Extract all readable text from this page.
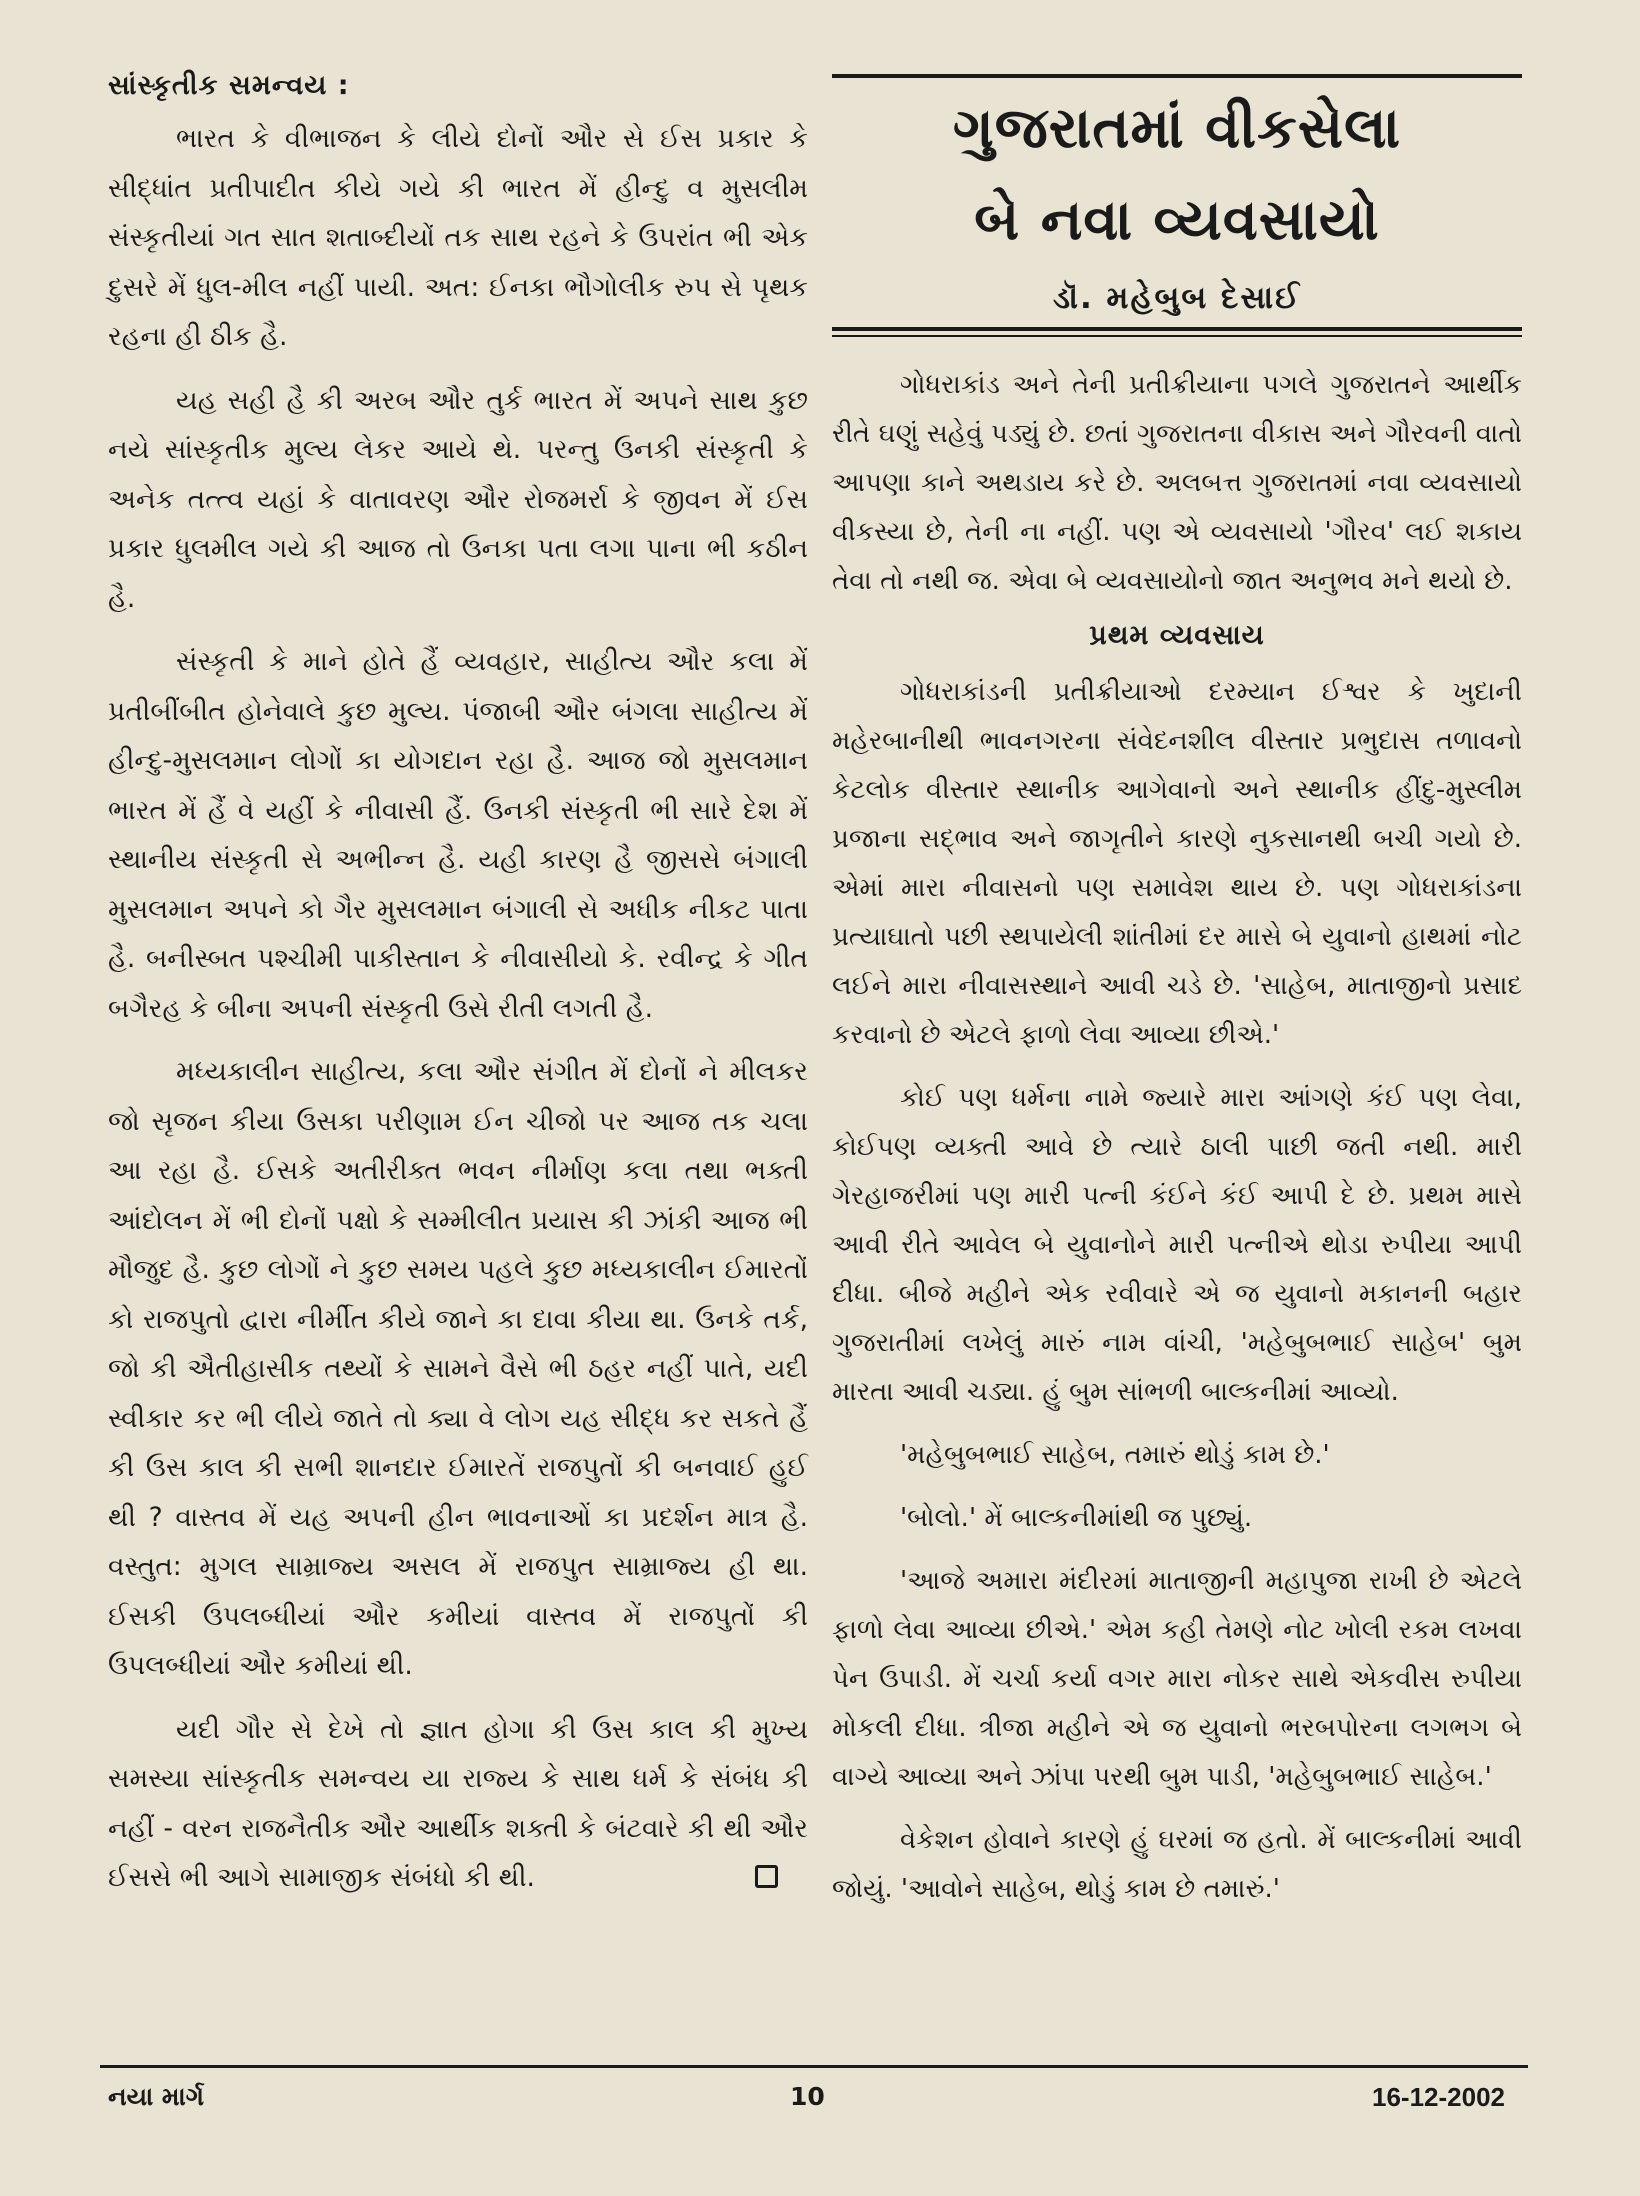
સાંસ્કૃતીક સમન્વય :

ભારત કે વીભાજન કે લીયે દોનોં ઔર સે ઈસ પ્રકાર કે સીદ્ધાંત પ્રતીપાદીત કીયે ગયે કી ભારત મેં હીન્દુ વ મુસલીમ સંસ્કૃતીયાં ગત સાત શતાબ્દીયોં તક સાથ રહને કે ઉપરાંત ભી એક દુસરે મેં ધુલ-મીલ નહીં પાયી. અત: ઈનકા ભૌગોલીક રુપ સે પૃથક રહના હી ઠીક હૈ.

યહ સહી હૈ કી અરબ ઔર તુર્ક ભારત મેં અપને સાથ કુછ નયે સાંસ્કૃતીક મુલ્ય લેકર આયે થે. પરન્તુ ઉનકી સંસ્કૃતી કે અનેક તત્ત્વ યહાં કે વાતાવરણ ઔર રોજમર્રા કે જીવન મેં ઈસ પ્રકાર ધુલમીલ ગયે કી આજ તો ઉનકા પતા લગા પાના ભી કઠીન હૈ.

સંસ્કૃતી કે માને હોતે હૈં વ્યવહાર, સાહીત્ય ઔર કલા મેં પ્રતીબીંબીત હોનેવાલે કુછ મુલ્ય. પંજાબી ઔર બંગલા સાહીત્ય મેં હીન્દુ-મુસલમાન લોગોં કા યોગદાન રહા હૈ. આજ જો મુસલમાન ભારત મેં હૈં વે યહીં કે નીવાસી હૈં. ઉનકી સંસ્કૃતી ભી સારે દેશ મેં સ્થાનીય સંસ્કૃતી સે અભીન્ન હૈ. યહી કારણ હૈ જીસસે બંગાલી મુસલમાન અપને કો ગૈર મુસલમાન બંગાલી સે અધીક નીકટ પાતા હૈ. બનીસ્બત પશ્ચીમી પાકીસ્તાન કે નીવાસીયો કે. રવીન્દ્ર કે ગીત બગૈરહ કે બીના અપની સંસ્કૃતી ઉસે રીતી લગતી હૈ.

મધ્યકાલીન સાહીત્ય, કલા ઔર સંગીત મેં દોનોં ને મીલકર જો સૃજન કીયા ઉસકા પરીણામ ઈન ચીજો પર આજ તક ચલા આ રહા હૈ. ઈસકે અતીરીક્ત ભવન નીર્માણ કલા તથા ભક્તી આંદોલન મેં ભી દોનોં પક્ષો કે સમ્મીલીત પ્રયાસ કી ઝાંકી આજ ભી મૌજુદ હૈ. કુછ લોગોં ને કુછ સમય પહલે કુછ મધ્યકાલીન ઈમારતોં કો રાજપુતો દ્વારા નીર્મીત કીયે જાને કા દાવા કીયા થા. ઉનકે તર્ક, જો કી ઐતીહાસીક તથ્યોં કે સામને વૈસે ભી ઠહર નહીં પાતે, યદી સ્વીકાર કર ભી લીયે જાતે તો ક્યા વે લોગ યહ સીદ્ધ કર સકતે હૈં કી ઉસ કાલ કી સભી શાનદાર ઈમારતેં રાજપુતોં કી બનવાઈ હુઈ થી ? વાસ્તવ મેં યહ અપની હીન ભાવનાઓં કા પ્રદર્શન માત્ર હૈ. વસ્તુત: મુગલ સામ્રાજ્ય અસલ મેં રાજપુત સામ્રાજ્ય હી થા. ઈસકી ઉપલબ્ધીયાં ઔર કમીયાં વાસ્તવ મેં રાજપુતોં કી ઉપલબ્ધીયાં ઔર કમીયાં થી.

યદી ગૌર સે દેખે તો જ્ઞાત હોગા કી ઉસ કાલ કી મુખ્ય સમસ્યા સાંસ્કૃતીક સમન્વય યા રાજ્ય કે સાથ ધર્મ કે સંબંધ કી નહીં - વરન રાજનૈતીક ઔર આર્થીક શક્તી કે બંટવારે કી થી ઔર ઈસસે ભી આગે સામાજીક સંબંધો કી થી.

ગુજરાતમાં વીકસેલા
બે નવા વ્યવસાયો
ડૉ. મહેબુબ દેસાઈ

ગોધરાકાંડ અને તેની પ્રતીક્રીયાના પગલે ગુજરાતને આર્થીક રીતે ઘણું સહેવું પડ્યું છે. છતાં ગુજરાતના વીકાસ અને ગૌરવની વાતો આપણા કાને અથડાય કરે છે. અલબત્ત ગુજરાતમાં નવા વ્યવસાયો વીકસ્યા છે, તેની ના નહીં. પણ એ વ્યવસાયો 'ગૌરવ' લઈ શકાય તેવા તો નથી જ. એવા બે વ્યવસાયોનો જાત અનુભવ મને થયો છે.

પ્રથમ વ્યવસાય

ગોધરાકાંડની પ્રતીક્રીયાઓ દરમ્યાન ઈશ્વર કે ખુદાની મહેરબાનીથી ભાવનગરના સંવેદનશીલ વીસ્તાર પ્રભુદાસ તળાવનો કેટલોક વીસ્તાર સ્થાનીક આગેવાનો અને સ્થાનીક હીંદુ-મુસ્લીમ પ્રજાના સદ્ભાવ અને જાગૃતીને કારણે નુકસાનથી બચી ગયો છે. એમાં મારા નીવાસનો પણ સમાવેશ થાય છે. પણ ગોધરાકાંડના પ્રત્યાઘાતો પછી સ્થપાયેલી શાંતીમાં દર માસે બે યુવાનો હાથમાં નોટ લઈને મારા નીવાસસ્થાને આવી ચડે છે. 'સાહેબ, માતાજીનો પ્રસાદ કરવાનો છે એટલે ફાળો લેવા આવ્યા છીએ.'

કોઈ પણ ધર્મના નામે જ્યારે મારા આંગણે કંઈ પણ લેવા, કોઈપણ વ્યક્તી આવે છે ત્યારે ઠાલી પાછી જતી નથી. મારી ગેરહાજરીમાં પણ મારી પત્ની કંઈને કંઈ આપી દે છે. પ્રથમ માસે આવી રીતે આવેલ બે યુવાનોને મારી પત્નીએ થોડા રુપીયા આપી દીધા. બીજે મહીને એક રવીવારે એ જ યુવાનો મકાનની બહાર ગુજરાતીમાં લખેલું મારું નામ વાંચી, 'મહેબુબભાઈ સાહેબ' બુમ મારતા આવી ચડ્યા. હું બુમ સાંભળી બાલ્કનીમાં આવ્યો.

'મહેબુબભાઈ સાહેબ, તમારું થોડું કામ છે.'

'બોલો.' મેં બાલ્કનીમાંથી જ પુછ્યું.

'આજે અમારા મંદીરમાં માતાજીની મહાપુજા રાખી છે એટલે ફાળો લેવા આવ્યા છીએ.' એમ કહી તેમણે નોટ ખોલી રકમ લખવા પેન ઉપાડી. મેં ચર્ચા કર્યા વગર મારા નોકર સાથે એકવીસ રુપીયા મોકલી દીધા. ત્રીજા મહીને એ જ યુવાનો ભરબપોરના લગભગ બે વાગ્યે આવ્યા અને ઝાંપા પરથી બુમ પાડી, 'મહેબુબભાઈ સાહેબ.'

વેકેશન હોવાને કારણે હું ઘરમાં જ હતો. મેં બાલ્કનીમાં આવી જોયું. 'આવોને સાહેબ, થોડું કામ છે તમારું.'

નયા માર્ગ	10	16-12-2002
